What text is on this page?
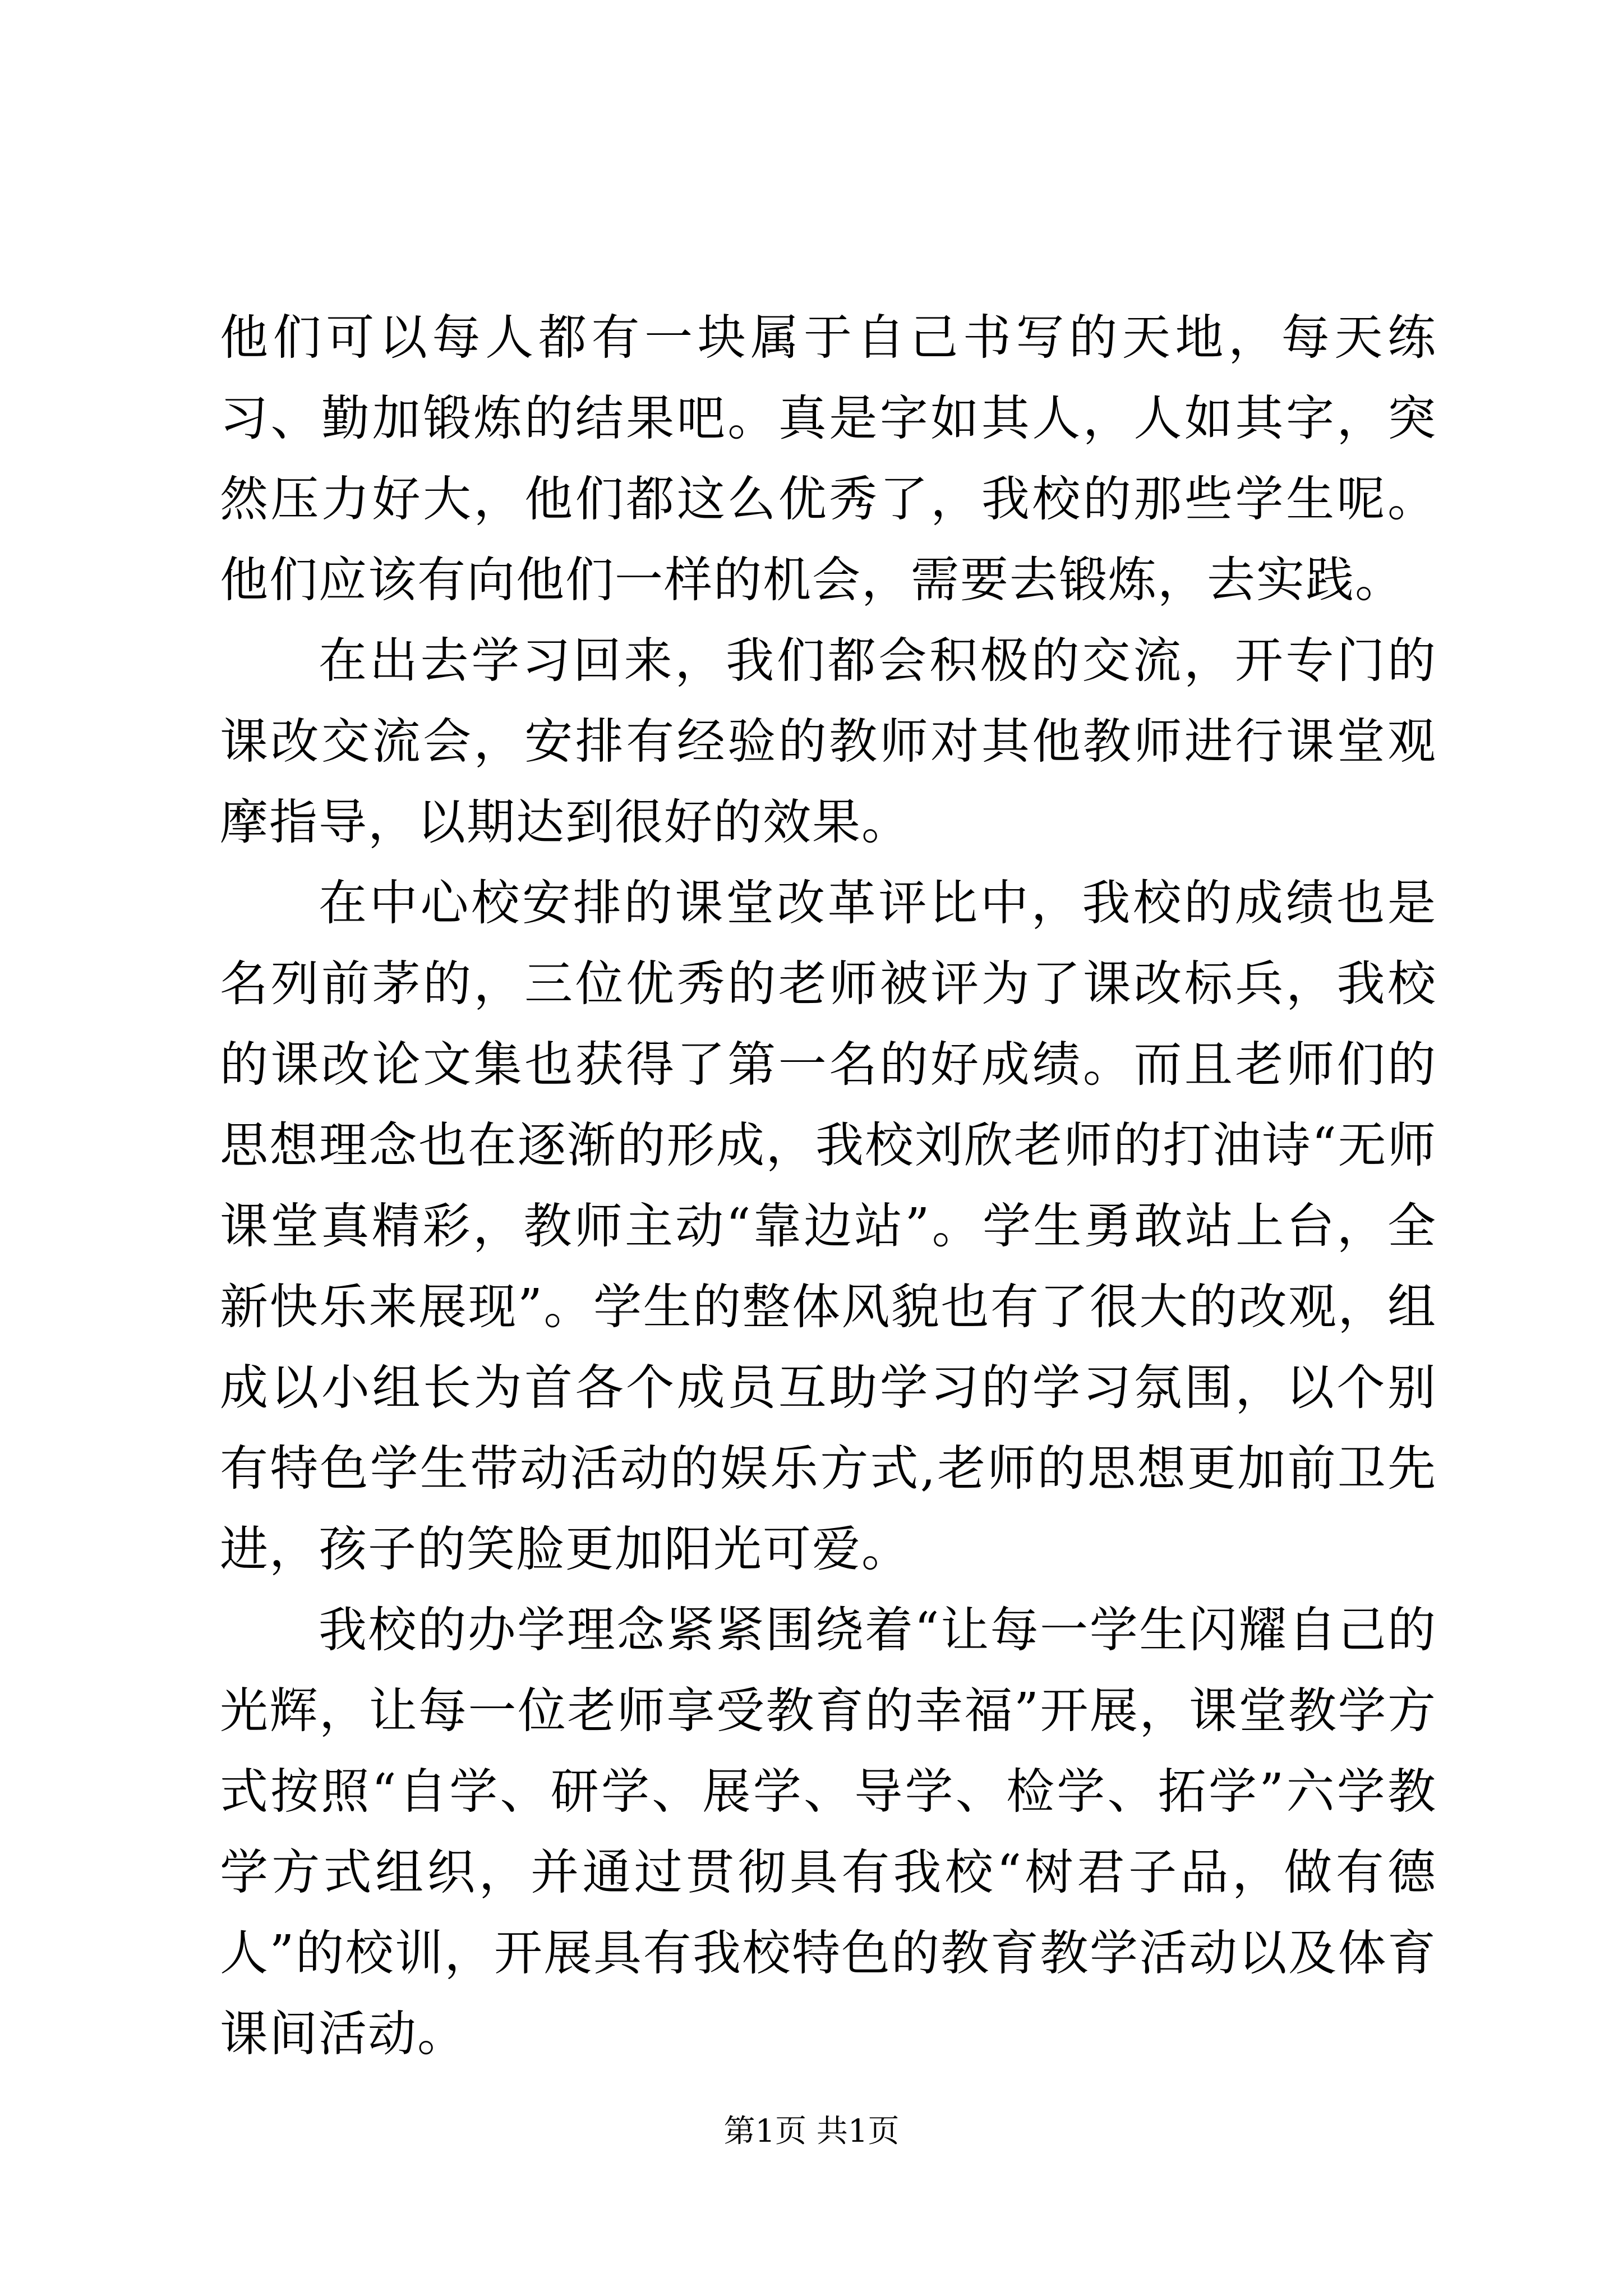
他们可以每人都有一块属于自己书写的天地，每天练习、勤加锻炼的结果吧。真是字如其人，人如其字，突然压力好大，他们都这么优秀了，我校的那些学生呢。他们应该有向他们一样的机会，需要去锻炼，去实践。

在出去学习回来，我们都会积极的交流，开专门的课改交流会，安排有经验的教师对其他教师进行课堂观摩指导，以期达到很好的效果。

在中心校安排的课堂改革评比中，我校的成绩也是名列前茅的，三位优秀的老师被评为了课改标兵，我校的课改论文集也获得了第一名的好成绩。而且老师们的思想理念也在逐渐的形成，我校刘欣老师的打油诗“无师课堂真精彩，教师主动“靠边站”。学生勇敢站上台，全新快乐来展现”。学生的整体风貌也有了很大的改观，组成以小组长为首各个成员互助学习的学习氛围，以个别有特色学生带动活动的娱乐方式,老师的思想更加前卫先进，孩子的笑脸更加阳光可爱。

我校的办学理念紧紧围绕着“让每一学生闪耀自己的光辉，让每一位老师享受教育的幸福”开展，课堂教学方式按照“自学、研学、展学、导学、检学、拓学”六学教学方式组织，并通过贯彻具有我校“树君子品，做有德人”的校训，开展具有我校特色的教育教学活动以及体育课间活动。

第1页 共1页
